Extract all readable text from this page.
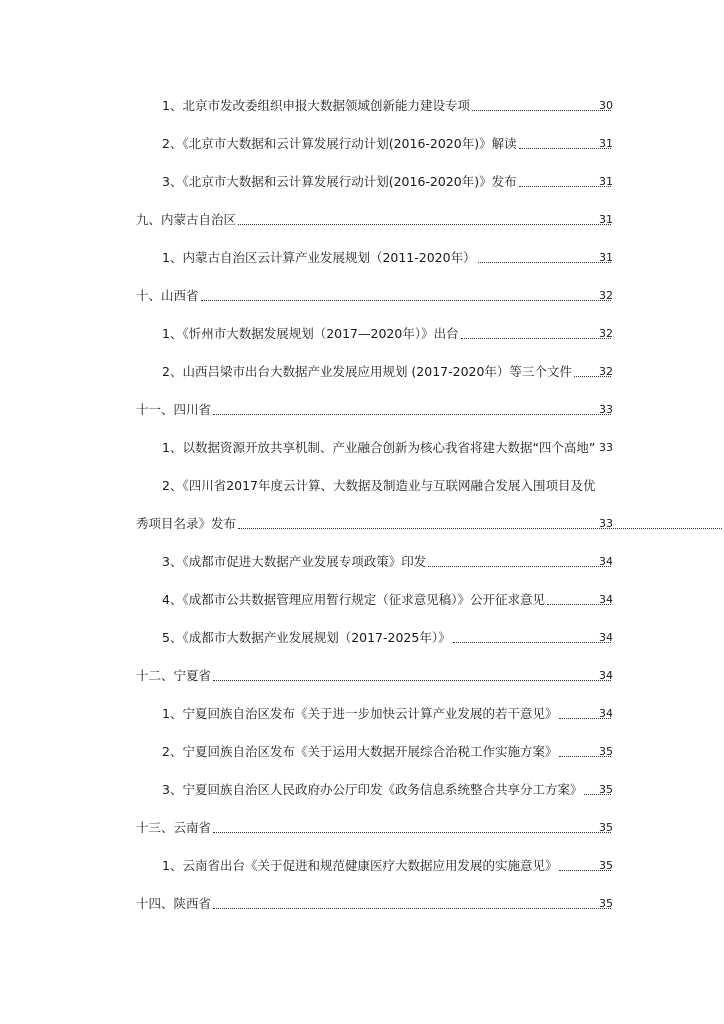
1、北京市发改委组织申报大数据领域创新能力建设专项	30
2、《北京市大数据和云计算发展行动计划(2016-2020年)》解读	31
3、《北京市大数据和云计算发展行动计划(2016-2020年)》发布	31
九、内蒙古自治区	31
1、内蒙古自治区云计算产业发展规划（2011-2020年）	31
十、山西省	32
1、《忻州市大数据发展规划（2017—2020年）》出台	32
2、山西吕梁市出台大数据产业发展应用规划 (2017-2020年）等三个文件 32
十一、四川省	33
1、以数据资源开放共享机制、产业融合创新为核心我省将建大数据“四个高地” 33
2、《四川省2017年度云计算、大数据及制造业与互联网融合发展入围项目及优
秀项目名录》发布	33
3、《成都市促进大数据产业发展专项政策》印发	34
4、《成都市公共数据管理应用暂行规定（征求意见稿）》公开征求意见	34
5、《成都市大数据产业发展规划（2017-2025年）》	34
十二、宁夏省	34
1、宁夏回族自治区发布《关于进一步加快云计算产业发展的若干意见》	34
2、宁夏回族自治区发布《关于运用大数据开展综合治税工作实施方案》	35
3、宁夏回族自治区人民政府办公厅印发《政务信息系统整合共享分工方案》 35
十三、云南省	35
1、云南省出台《关于促进和规范健康医疗大数据应用发展的实施意见》	35
十四、陕西省	35
